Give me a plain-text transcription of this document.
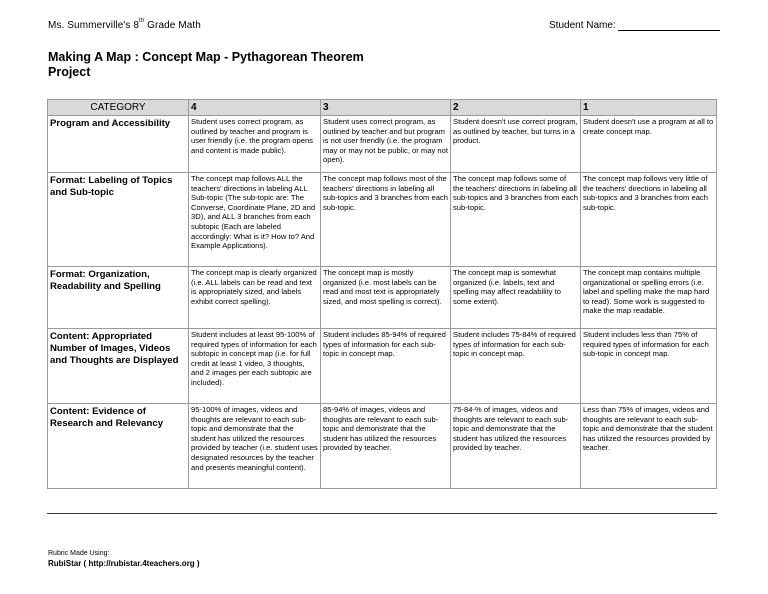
Ms. Summerville's 8th Grade Math	Student Name:
Making A Map : Concept Map - Pythagorean Theorem Project
CATEGORY	4	3	2	1
Program and Accessibility	Student uses correct program, as outlined by teacher and program is user friendly (i.e. the program opens and content is made public).	Student uses correct program, as outlined by teacher and but program is not user friendly (i.e. the program may or may not be public, or may not open).	Student doesn't use correct program, as outlined by teacher, but turns in a product.	Student doesn't use a program at all to create concept map.
Format: Labeling of Topics and Sub-topic	The concept map follows ALL the teachers' directions in labeling ALL Sub-topic (The sub-topic are: The Converse, Coordinate Plane, 2D and 3D), and ALL 3 branches from each subtopic (Each are labeled accordingly: What is it? How to? And Example Applications).	The concept map follows most of the teachers' directions in labeling all sub-topics and 3 branches from each sub-topic.	The concept map follows some of the teachers' directions in labeling all sub-topics and 3 branches from each sub-topic.	The concept map follows very little of the teachers' directions in labeling all sub-topics and 3 branches from each sub-topic.
Format: Organization, Readability and Spelling	The concept map is clearly organized (i.e. ALL labels can be read and text is appropriately sized, and labels exhibit correct spelling).	The concept map is mostly organized (i.e. most labels can be read and most text is appropriately sized, and most spelling is correct).	The concept map is somewhat organized (i.e. labels, text and spelling may affect readability to some extent).	The concept map contains multiple organizational or spelling errors (i.e. label and spelling make the map hard to read). Some work is suggested to make the map readable.
Content: Appropriated Number of Images, Videos and Thoughts are Displayed	Student includes at least 95-100% of required types of information for each subtopic in concept map (i.e. for full credit at least 1 video, 3 thoughts, and 2 images per each subtopic are included).	Student includes 85-94% of required types of information for each sub-topic in concept map.	Student includes 75-84% of required types of information for each sub-topic in concept map.	Student includes less than 75% of required types of information for each sub-topic in concept map.
Content: Evidence of Research and Relevancy	95-100% of images, videos and thoughts are relevant to each sub-topic and demonstrate that the student has utilized the resources provided by teacher (i.e. student uses designated resources by the teacher and presents meaningful content).	85-94% of images, videos and thoughts are relevant to each sub-topic and demonstrate that the student has utilized the resources provided by teacher.	75-84-% of images, videos and thoughts are relevant to each sub-topic and demonstrate that the student has utilized the resources provided by teacher.	Less than 75% of images, videos and thoughts are relevant to each sub-topic and demonstrate that the student has utilized the resources provided by teacher.
Rubric Made Using:
RubiStar ( http://rubistar.4teachers.org )
